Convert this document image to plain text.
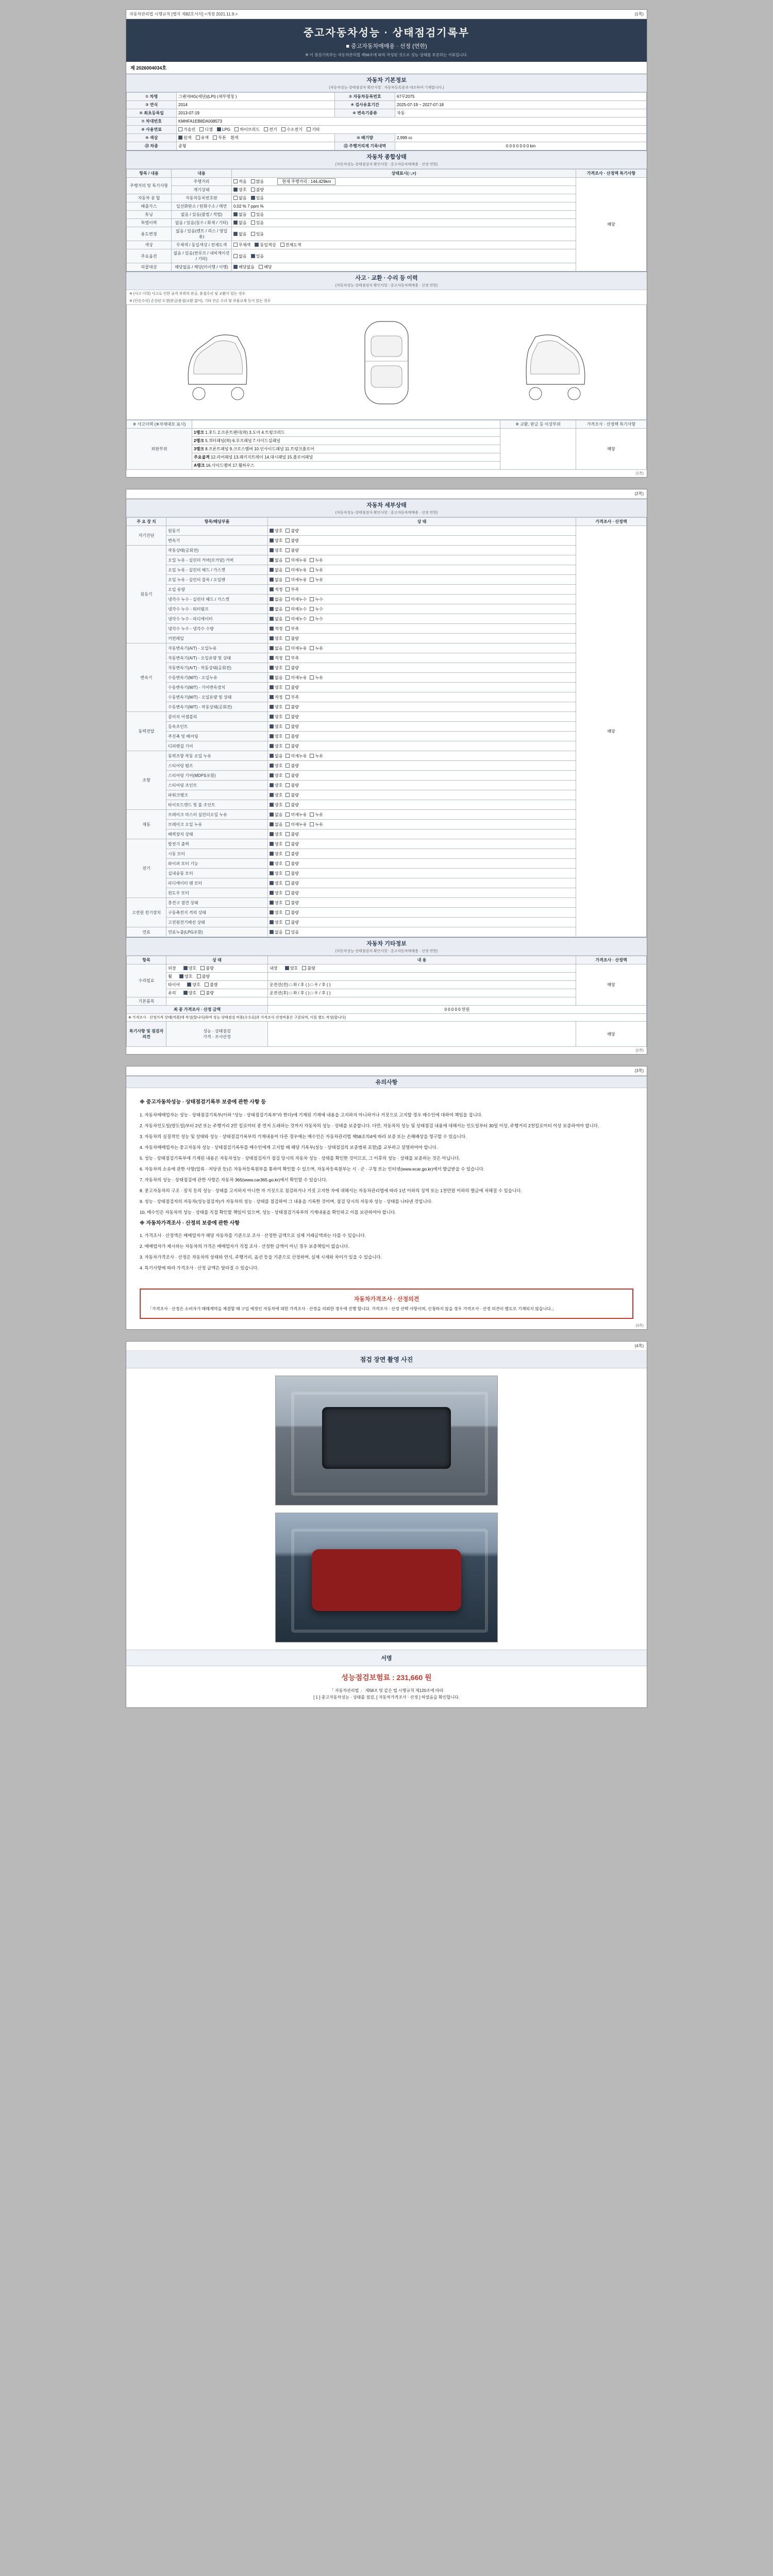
자동차관리법 시행규칙 [별지 제82호서식] <개정 2021.11.9.>	(1쪽)
중고자동차성능 · 상태점검기록부
■ 중고자동차매매용 · 선정 (연한)
※ 이 점검기록부는 자동차관리법 제58조에 따라 작성된 것으로 성능·상태를 보증하는 서류입니다.
제 2026004034호
자동차 기본정보
(자동차성능·상태점검자 확인사항 : 자동차등록증과 대조하여 기재합니다.)
① 차명	그랜저HG(세단)(LPi) (세부명칭 )	② 자동차등록번호	67무2075
③ 연식	2014	④ 검사유효기간	2025-07-19 ~ 2027-07-18
⑤ 최초등록일	2013-07-19	⑥ 변속기종류	자동
⑦ 차대번호	KMHFA1EB8DA008573		
⑧ 사용연료	가솔린 디젤 LPG 하이브리드 전기 수소전기 기타		
⑨ 색상	원색 유색 투톤 흰색	⑩ 배기량	2,999 cc
⑬ 차종	중형	⑫ 주행거리계 기록내역	0 0 0 0 0 0 0 km
자동차 종합상태
(자동차성능·상태점검자 확인사항 : 중고자동차매매용 · 선정 연한)
항목 / 내용	내용	상태표시(○,×)	가격조사 · 산정액 특기사항
주행거리 및 특기사항	주행거리	적음 많음 현재 주행거리 : 144,429km	해당
	계기상태	양호 불량	
자동차 종 합	자동차등록번호판	없음 있음	
배출가스	일산화탄소 / 탄화수소 / 매연	0.02 % 7 ppm %	
튜닝	없음 / 있음(불법 / 적법)	없음 있음	
특별이력	없음 / 있음(침수 / 화재 / 기타)	없음 있음	
용도변경	없음 / 있음(렌트 / 리스 / 영업용)	없음 있음	
색상	무채색 / 동일색상 / 전체도색	무채색 동일색상 전체도색	
주요옵션	없음 / 있음(썬루프 / 내비게이션 / 기타)	없음 있음	
리콜대상	해당없음 / 해당(미이행 / 이행)	해당없음 해당	
사고 · 교환 · 수리 등 이력
(자동차성능·상태점검자 확인사항 : 중고자동차매매용 · 선정 연한)
※ (사고 이력) 사고로 인한 골격 부위의 판금, 용접수리 및 교환이 있는 경우
※ (단순수리) 손상된 도장(판금/용접/교환 없이), 기타 잔손 수리 및 부품교체 등이 있는 경우
※ 사고이력 (※자세대로 표시)		※ 교환, 판금 등 이상부위	가격조사 · 산정액 특기사항
외판부위	1랭크 1.후드 2.프론트펜더(좌) 3.도어 4.트렁크리드		해당
	2랭크 5.쿼터패널(좌) 6.루프패널 7.사이드실패널		
	3랭크 8.프론트패널 9.크로스멤버 10.인사이드패널 11.트렁크플로어		
	주요골격 12.리어패널 13.패키지트레이 14.대시패널 15.플로어패널		
	A랭크 16.사이드멤버 17.휠하우스		
(1쪽)
(2쪽)
자동차 세부상태
(자동차성능·상태점검자 확인사항 : 중고자동차매매용 · 선정 연한)
주 요 장 치	항목/해당부품	상 태	가격조사 · 산정액
자기진단	원동기	양호 불량	해당
	변속기	양호 불량	
원동기	작동상태(공회전)	양호 불량	
	오일 누유 - 실린더 커버(로커암) 커버	없음 미세누유 누유	
	오일 누유 - 실린더 헤드 / 가스켓	없음 미세누유 누유	
	오일 누유 - 실린더 블록 / 오일팬	없음 미세누유 누유	
	오일 유량	적정 부족	
	냉각수 누수 - 실린더 헤드 / 가스켓	없음 미세누수 누수	
	냉각수 누수 - 워터펌프	없음 미세누수 누수	
	냉각수 누수 - 라디에이터	없음 미세누수 누수	
	냉각수 누수 - 냉각수 수량	적정 부족	
	커먼레일	양호 불량	
변속기	자동변속기(A/T) - 오일누유	없음 미세누유 누유	
	자동변속기(A/T) - 오일유량 및 상태	적정 부족	
	자동변속기(A/T) - 작동상태(공회전)	양호 불량	
	수동변속기(M/T) - 오일누유	없음 미세누유 누유	
	수동변속기(M/T) - 기어변속장치	양호 불량	
	수동변속기(M/T) - 오일유량 및 상태	적정 부족	
	수동변속기(M/T) - 작동상태(공회전)	양호 불량	
동력전달	클러치 어셈블리	양호 불량	
	등속조인트	양호 불량	
	추진축 및 베어링	양호 불량	
	디퍼렌셜 기어	양호 불량	
조향	동력조향 작동 오일 누유	없음 미세누유 누유	
	스티어링 펌프	양호 불량	
	스티어링 기어(MDPS포함)	양호 불량	
	스티어링 조인트	양호 불량	
	파워크랭크	양호 불량	
	타이로드엔드 및 볼 조인트	양호 불량	
제동	브레이크 마스터 실린더오일 누유	없음 미세누유 누유	
	브레이크 오일 누유	없음 미세누유 누유	
	배력장치 상태	양호 불량	
전기	발전기 출력	양호 불량	
	시동 모터	양호 불량	
	와이퍼 모터 기능	양호 불량	
	실내송풍 모터	양호 불량	
	라디에이터 팬 모터	양호 불량	
	윈도우 모터	양호 불량	
고전원 전기장치	충전구 절연 상태	양호 불량	
	구동축전지 격리 상태	양호 불량	
	고전원전기배선 상태	양호 불량	
연료	연료누출(LPG포함)	없음 있음	
자동차 기타정보
(자동차성능·상태점검자 확인사항 : 중고자동차매매용 · 선정 연한)
항목	상 태	내 용	가격조사 · 산정액
수리필요	외장 양호 불량	내장 양호 불량	해당
	휠 양호 불량		
	타이어 양호 불량	운전선(전) □ 좌 / 후 ( ) □ 우 / 후 ( )	
	유리 양호 불량	운전선(후) □ 좌 / 후 ( ) □ 우 / 후 ( )	
기본품목			
최 종 가격조사 · 산정 금액		0 0 0 0 0 만원	
※ 가격조사 · 산정가격 상태(적용)에 작성(합니다)하며 성능·상태점검 비용(수수료)과 가격조사·산정비용은 구분되며, 이를 별도 작성(합니다)			
특기사항 및 점검자의견	성능 · 상태점검
가격 · 조사산정		해당
(2쪽)
(3쪽)
유의사항
※ 중고자동차성능 · 상태점검기록부 보증에 관한 사항 등

1. 자동차매매업자는 성능 · 상태점검기록부(이하 "성능 · 상태점검기록부"라 한다)에 기재된 기재에 내용을 고지하지 아니하거나 거짓으로 고지할 경우 매수인에 대하여 책임을 집니다.

2. 자동차인도일(양도일)부터 2년 또는 주행거리 2만 킬로미터 중 먼저 도래하는 것까지 자동차의 성능 · 상태를 보증합니다. 다만, 자동차의 성능 및 상태점검 내용에 대해서는 인도일부터 30일 이상, 주행거리 2천킬로미터 이상 보증하여야 합니다.

3. 자동차의 실질적인 성능 및 상태와 성능 · 상태점검기록부의 기재내용이 다른 경우에는 매수인은 자동차관리법 제58조의4에 따라 보증 또는 손해배상을 청구할 수 있습니다.

4. 자동차매매업자는 중고자동차 성능 · 상태점검기록부를 매수인에게 고지할 때 해당 기록부(성능 · 상태점검의 보증범위 포함)를 교부하고 설명하여야 합니다.

5. 성능 · 상태점검기록부에 기재된 내용은 자동차성능 · 상태점검자가 점검 당시의 자동차 성능 · 상태를 확인한 것이므로, 그 이후의 성능 · 상태를 보증하는 것은 아닙니다.

6. 자동차의 소유에 관한 사항(압류 · 저당권 등)은 자동차등록원부를 통하여 확인할 수 있으며, 자동차등록원부는 시 · 군 · 구청 또는 인터넷(www.ecar.go.kr)에서 발급받을 수 있습니다.

7. 자동차의 성능 · 상태점검에 관한 사항은 자동차 365(www.car365.go.kr)에서 확인할 수 있습니다.

8. 중고자동차의 구조 · 장치 등의 성능 · 상태를 고지하지 아니한 자 거짓으로 점검하거나 거짓 고지한 자에 대해서는 자동차관리법에 따라 1년 이하의 징역 또는 1천만원 이하의 벌금에 처해질 수 있습니다.

9. 성능 · 상태점검자의 자동차(성능점검자)가 자동차의 성능 · 상태를 점검하여 그 내용을 기록한 것이며, 점검 당시의 자동차 성능 · 상태를 나타낸 것입니다.

10. 매수인은 자동차의 성능 · 상태를 직접 확인할 책임이 있으며, 성능 · 상태점검기록부의 기재내용을 확인하고 이를 보관하여야 합니다.

※ 자동차가격조사 · 산정의 보증에 관한 사항

1. 가격조사 · 산정액은 매매업자가 해당 자동차를 기준으로 조사 · 산정한 금액으로 실제 거래금액과는 다를 수 있습니다.

2. 매매업자가 제시하는 자동차의 가격은 매매업자가 직접 조사 · 산정한 금액이 아닌 경우 보증책임이 없습니다.

3. 자동차가격조사 · 산정은 자동차의 상태와 연식, 주행거리, 옵션 등을 기준으로 산정하며, 실제 시세와 차이가 있을 수 있습니다.

4. 특기사항에 따라 가격조사 · 산정 금액은 달라질 수 있습니다.

자동차가격조사 · 산정의견

「가격조사 · 산정은 소비자가 매매계약을 체결할 때 구입 예정인 자동차에 대한 가격조사 · 산정을 의뢰한 경우에 진행 합니다. 가격조사 · 산정 선택 사항이며, 신청하지 않을 경우 가격조사 · 산정 의견이 별도로 기재되지 않습니다.」

(3쪽)
(4쪽)
점검 장면 촬영 사진
서명
성능점검보험료 : 231,660 원
「 자동차관리법 」 제58조 및 같은 법 시행규칙 제120조에 따라
[ 1 ] 중고자동차성능 · 상태를 점검, [ 자동차가격조사 · 산정 ] 하였음을 확인합니다.
